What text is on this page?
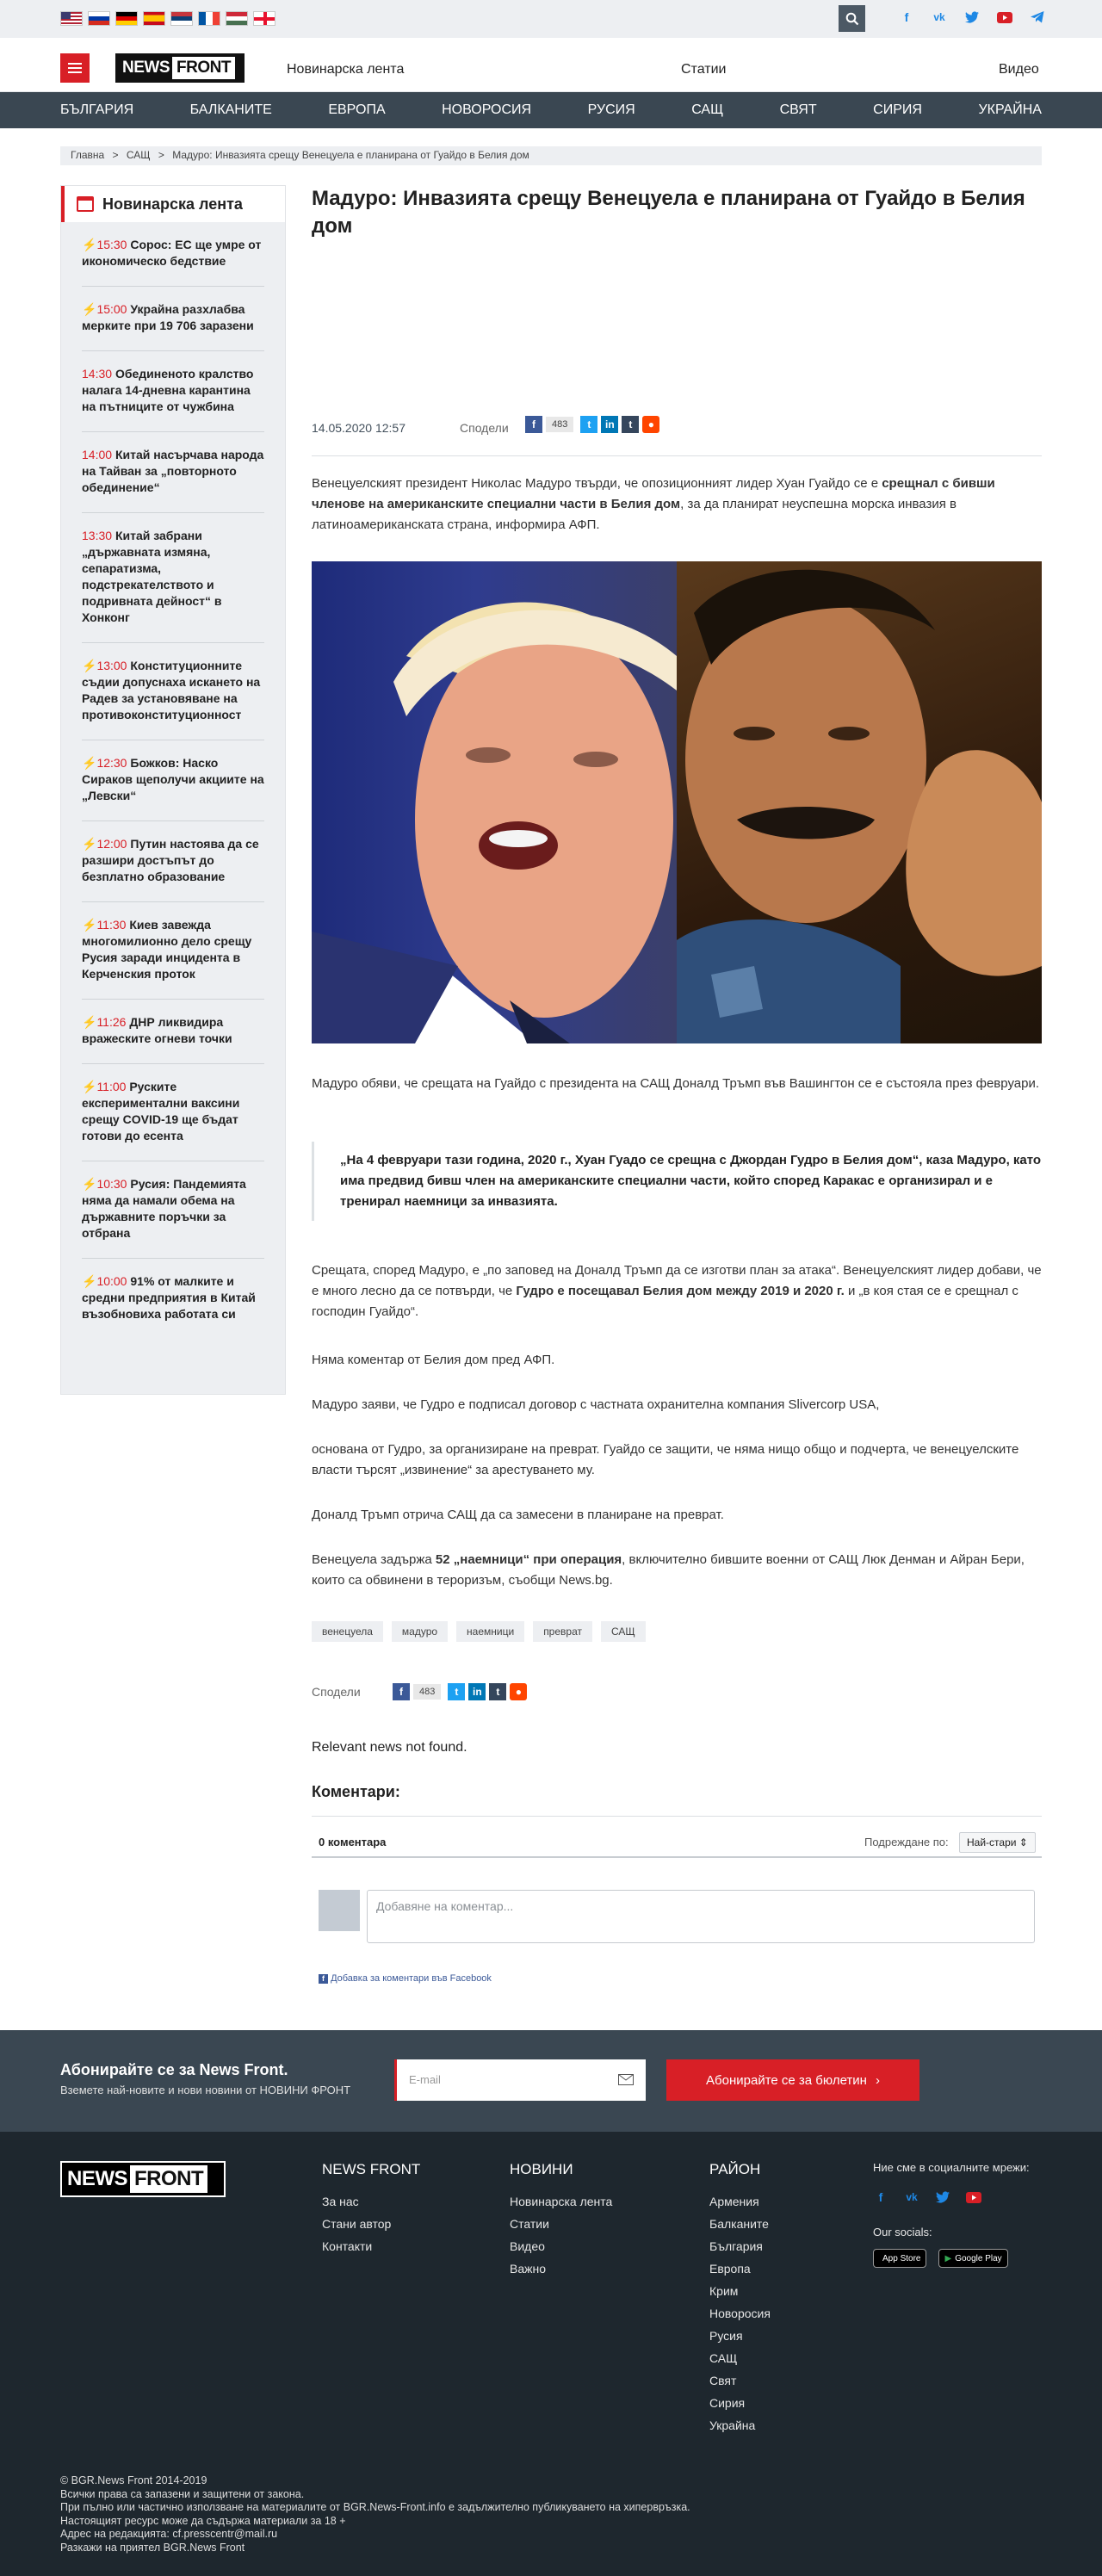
f	vk
NEWS FRONT	Новинарска лента	Статии	Видео
БЪЛГАРИЯ	БАЛКАНИТЕ	ЕВРОПА	НОВОРОСИЯ	РУСИЯ	САЩ	СВЯТ	СИРИЯ	УКРАЙНА
Главна > САЩ > Мадуро: Инвазията срещу Венецуела е планирана от Гуайдо в Белия дом
Новинарска лента
⚡15:30 Сорос: ЕС ще умре от икономическо бедствие
⚡15:00 Украйна разхлабва мерките при 19 706 заразени
14:30 Обединеното кралство налага 14-дневна карантина на пътниците от чужбина
14:00 Китай насърчава народа на Тайван за „повторното обединение“
13:30 Китай забрани „държавната измяна, сепаратизма, подстрекателството и подривната дейност“ в Хонконг
⚡13:00 Конституционните съдии допуснаха искането на Радев за установяване на противоконституционност
⚡12:30 Божков: Наско Сираков щеполучи акциите на „Левски“
⚡12:00 Путин настоява да се разшири достъпът до безплатно образование
⚡11:30 Киев завежда многомилионно дело срещу Русия заради инцидента в Керченския проток
⚡11:26 ДНР ликвидира вражеските огневи точки
⚡11:00 Руските експериментални ваксини срещу COVID-19 ще бъдат готови до есента
⚡10:30 Русия: Пандемията няма да намали обема на държавните поръчки за отбрана
⚡10:00 91% от малките и средни предприятия в Китай възобновиха работата си
Мадуро: Инвазията срещу Венецуела е планирана от Гуайдо в Белия дом
14.05.2020 12:57	Сподели	f	483	t	in	t	●

Венецуелският президент Николас Мадуро твърди, че опозиционният лидер Хуан Гуайдо се е срещнал с бивши членове на американските специални части в Белия дом, за да планират неуспешна морска инвазия в латиноамериканската страна, информира АФП.

Мадуро обяви, че срещата на Гуайдо с президента на САЩ Доналд Тръмп във Вашингтон се е състояла през февруари.

„На 4 февруари тази година, 2020 г., Хуан Гуадо се срещна с Джордан Гудро в Белия дом“, каза Мадуро, като има предвид бивш член на американските специални части, който според Каракас е организирал и е тренирал наемници за инвазията.

Срещата, според Мадуро, е „по заповед на Доналд Тръмп да се изготви план за атака“. Венецуелският лидер добави, че е много лесно да се потвърди, че Гудро е посещавал Белия дом между 2019 и 2020 г. и „в коя стая се е срещнал с господин Гуайдо“.

Няма коментар от Белия дом пред АФП.

Мадуро заяви, че Гудро е подписал договор с частната охранителна компания Slivercorp USA,

основана от Гудро, за организиране на преврат. Гуайдо се защити, че няма нищо общо и подчерта, че венецуелските власти търсят „извинение“ за арестуването му.

Доналд Тръмп отрича САЩ да са замесени в планиране на преврат.

Венецуела задържа 52 „наемници“ при операция, включително бившите военни от САЩ Люк Денман и Айран Бери, които са обвинени в тероризъм, съобщи News.bg.

венецуела	мадуро	наемници	преврат	САЩ
Сподели	f	483	t	in	t	●

Relevant news not found.

Коментари:
0 коментара	Подреждане по:	Най-стари ⇕
Добавяне на коментар...
f Добавка за коментари във Facebook
Абонирайте се за News Front.
Вземете най-новите и нови новини от НОВИНИ ФРОНТ
E-mail	Абонирайте се за бюлетин ›
NEWS FRONT	NEWS FRONT
За нас
Стани автор
Контакти
НОВИНИ
Новинарска лента
Статии
Видео
Важно
РАЙОН
Армения
Балканите
България
Европа
Крим
Новоросия
Русия
САЩ
Свят
Сирия
Украйна
Ние сме в социалните мрежи:
f	vk
Our socials:
App Store	▶ Google Play
© BGR.News Front 2014-2019
Всички права са запазени и защитени от закона.
При пълно или частично използване на материалите от BGR.News-Front.info е задължително публикуването на хипервръзка.
Настоящият ресурс може да съдържа материали за 18 +
Адрес на редакцията: cf.presscentr@mail.ru
Разкажи на приятел BGR.News Front
